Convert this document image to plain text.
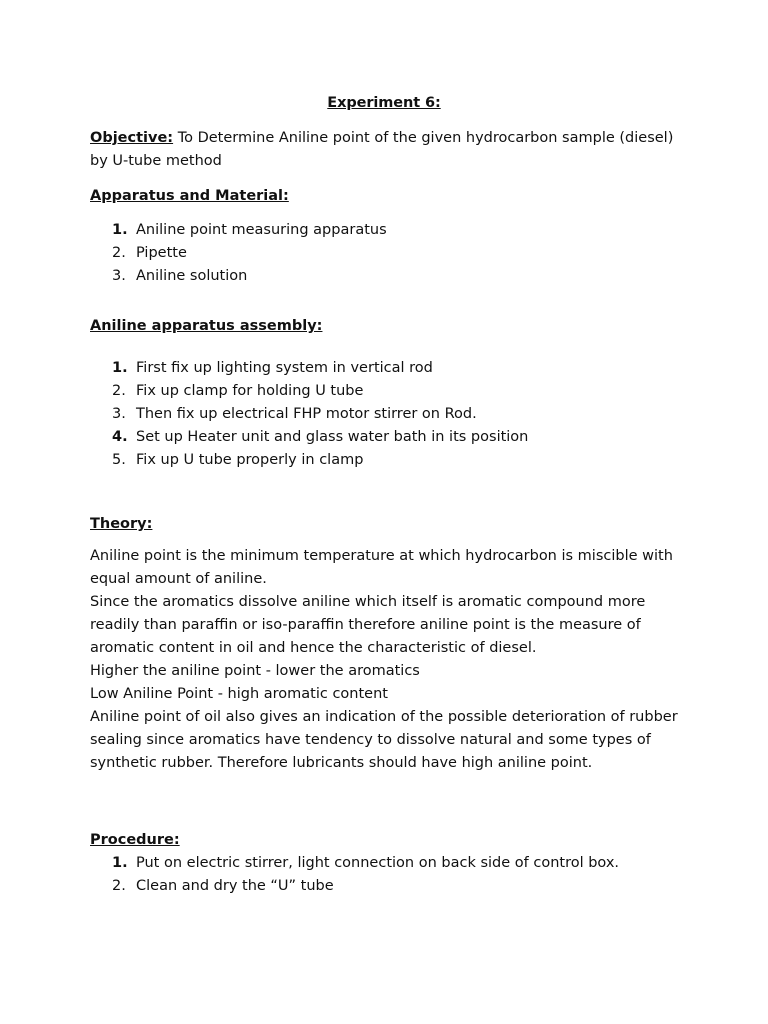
Experiment 6:
Objective: To Determine Aniline point of the given hydrocarbon sample (diesel)
by U-tube method
Apparatus and Material:
1. Aniline point measuring apparatus
2. Pipette
3. Aniline solution
Aniline apparatus assembly:
1. First fix up lighting system in vertical rod
2. Fix up clamp for holding U tube
3. Then fix up electrical FHP motor stirrer on Rod.
4. Set up Heater unit and glass water bath in its position
5. Fix up U tube properly in clamp
Theory:
Aniline point is the minimum temperature at which hydrocarbon is miscible with
equal amount of aniline.
Since the aromatics dissolve aniline which itself is aromatic compound more
readily than paraffin or iso-paraffin therefore aniline point is the measure of
aromatic content in oil and hence the characteristic of diesel.
Higher the aniline point - lower the aromatics
Low Aniline Point - high aromatic content
Aniline point of oil also gives an indication of the possible deterioration of rubber
sealing since aromatics have tendency to dissolve natural and some types of
synthetic rubber. Therefore lubricants should have high aniline point.
Procedure:
1. Put on electric stirrer, light connection on back side of control box.
2. Clean and dry the “U” tube
